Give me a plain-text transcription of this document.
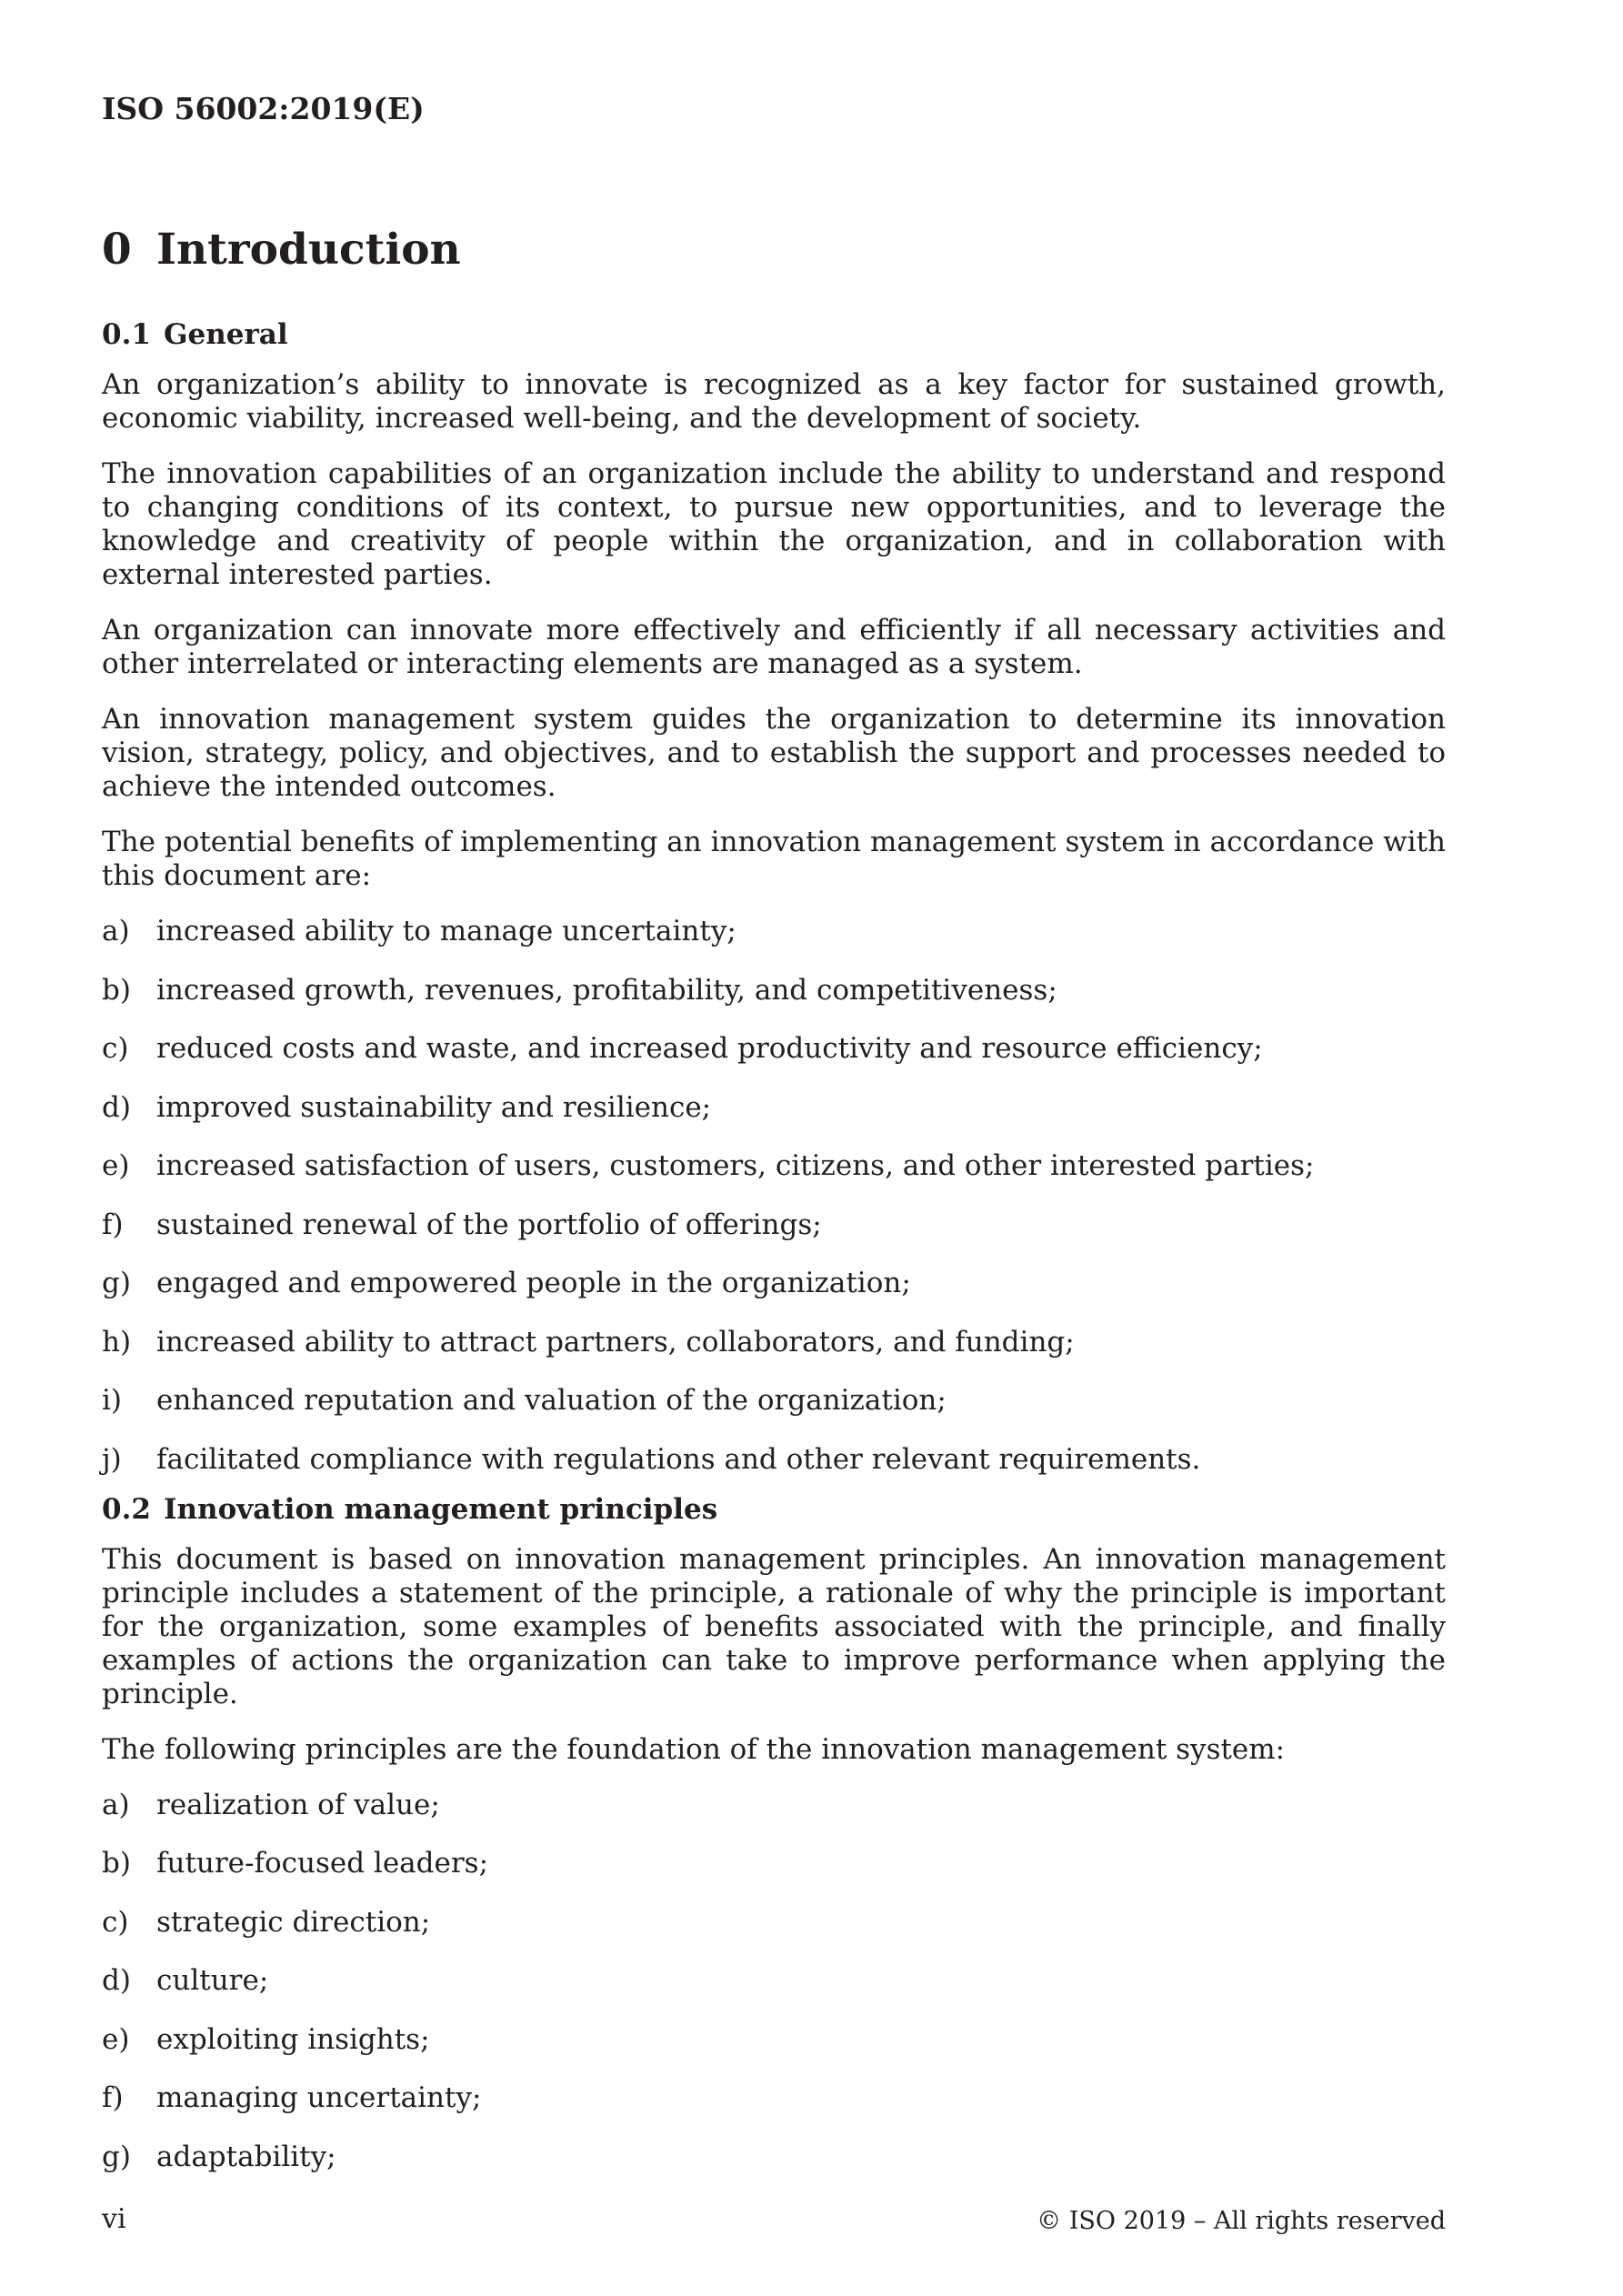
ISO 56002:2019(E)
0 Introduction
0.1 General

An organization’s ability to innovate is recognized as a key factor for sustained growth, economic viability, increased well-being, and the development of society.

The innovation capabilities of an organization include the ability to understand and respond to changing conditions of its context, to pursue new opportunities, and to leverage the knowledge and creativity of people within the organization, and in collaboration with external interested parties.

An organization can innovate more effectively and efficiently if all necessary activities and other interrelated or interacting elements are managed as a system.

An innovation management system guides the organization to determine its innovation vision, strategy, policy, and objectives, and to establish the support and processes needed to achieve the intended outcomes.

The potential benefits of implementing an innovation management system in accordance with this document are:

a) increased ability to manage uncertainty;
b) increased growth, revenues, profitability, and competitiveness;
c) reduced costs and waste, and increased productivity and resource efficiency;
d) improved sustainability and resilience;
e) increased satisfaction of users, customers, citizens, and other interested parties;
f) sustained renewal of the portfolio of offerings;
g) engaged and empowered people in the organization;
h) increased ability to attract partners, collaborators, and funding;
i) enhanced reputation and valuation of the organization;
j) facilitated compliance with regulations and other relevant requirements.
0.2 Innovation management principles

This document is based on innovation management principles. An innovation management principle includes a statement of the principle, a rationale of why the principle is important for the organization, some examples of benefits associated with the principle, and finally examples of actions the organization can take to improve performance when applying the principle.

The following principles are the foundation of the innovation management system:

a) realization of value;
b) future-focused leaders;
c) strategic direction;
d) culture;
e) exploiting insights;
f) managing uncertainty;
g) adaptability;
vi	© ISO 2019 – All rights reserved
